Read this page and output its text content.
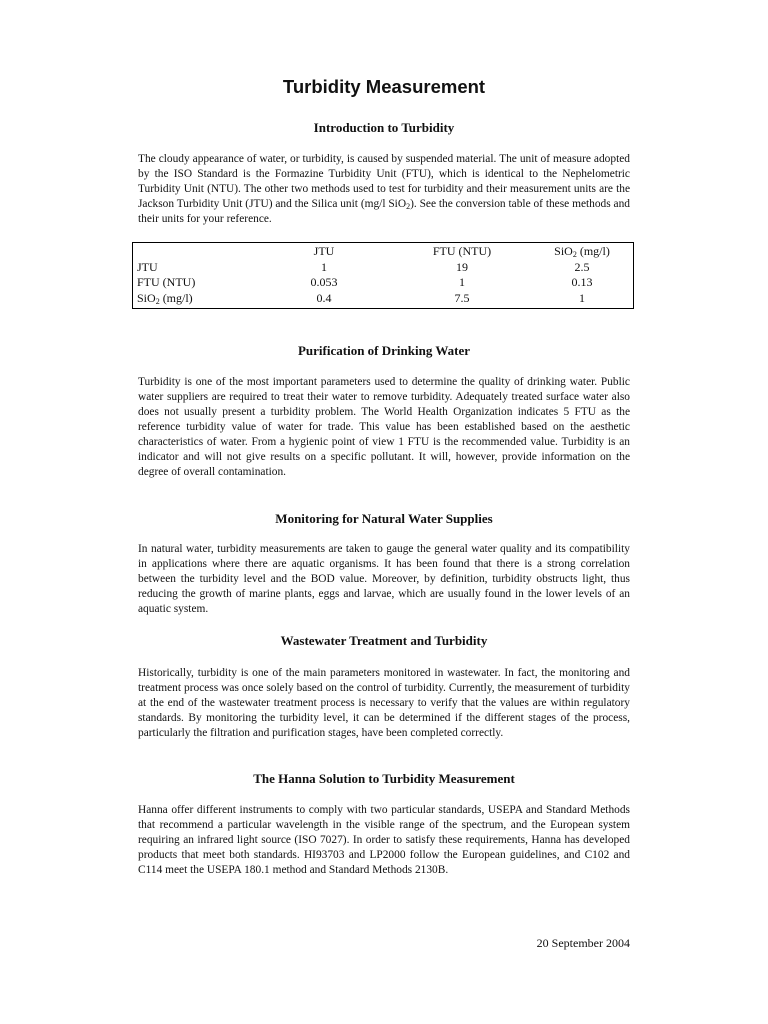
Turbidity Measurement
Introduction to Turbidity

The cloudy appearance of water, or turbidity, is caused by suspended material. The unit of measure adopted by the ISO Standard is the Formazine Turbidity Unit (FTU), which is identical to the Nephelometric Turbidity Unit (NTU). The other two methods used to test for turbidity and their measurement units are the Jackson Turbidity Unit (JTU) and the Silica unit (mg/l SiO$_2$). See the conversion table of these methods and their units for your reference.

	JTU	FTU (NTU)	SiO$_2$ (mg/l)
JTU	1	19	2.5
FTU (NTU)	0.053	1	0.13
SiO$_2$ (mg/l)	0.4	7.5	1
Purification of Drinking Water

Turbidity is one of the most important parameters used to determine the quality of drinking water. Public water suppliers are required to treat their water to remove turbidity. Adequately treated surface water also does not usually present a turbidity problem. The World Health Organization indicates 5 FTU as the reference turbidity value of water for trade. This value has been established based on the aesthetic characteristics of water. From a hygienic point of view 1 FTU is the recommended value. Turbidity is an indicator and will not give results on a specific pollutant. It will, however, provide information on the degree of overall contamination.

Monitoring for Natural Water Supplies

In natural water, turbidity measurements are taken to gauge the general water quality and its compatibility in applications where there are aquatic organisms. It has been found that there is a strong correlation between the turbidity level and the BOD value. Moreover, by definition, turbidity obstructs light, thus reducing the growth of marine plants, eggs and larvae, which are usually found in the lower levels of an aquatic system.

Wastewater Treatment and Turbidity

Historically, turbidity is one of the main parameters monitored in wastewater. In fact, the monitoring and treatment process was once solely based on the control of turbidity. Currently, the measurement of turbidity at the end of the wastewater treatment process is necessary to verify that the values are within regulatory standards. By monitoring the turbidity level, it can be determined if the different stages of the process, particularly the filtration and purification stages, have been completed correctly.

The Hanna Solution to Turbidity Measurement

Hanna offer different instruments to comply with two particular standards, USEPA and Standard Methods that recommend a particular wavelength in the visible range of the spectrum, and the European system requiring an infrared light source (ISO 7027). In order to satisfy these requirements, Hanna has developed products that meet both standards. HI93703 and LP2000 follow the European guidelines, and C102 and C114 meet the USEPA 180.1 method and Standard Methods 2130B.

20 September 2004
